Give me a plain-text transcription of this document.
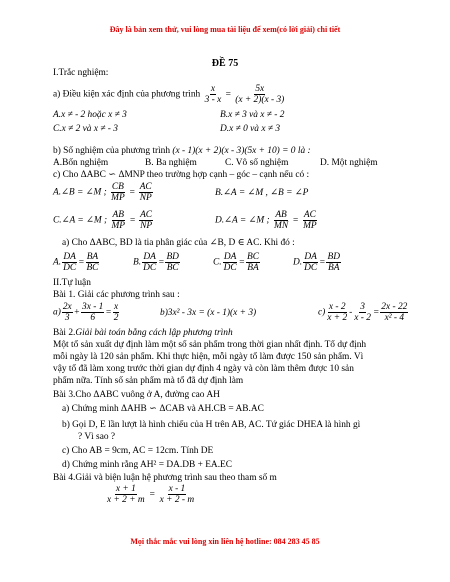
Đây là bản xem thử, vui lòng mua tài liệu để xem(có lời giải) chi tiết
ĐỀ 75
I.Trắc nghiệm:
a) Điều kiện xác định của phương trình $\frac{x}{3 - x} = \frac{5x}{(x + 2)(x - 3)}$
A.x ≠ - 2 hoặc x ≠ 3	B.x ≠ 3 và x ≠ - 2
C.x ≠ 2 và x ≠ - 3	D.x ≠ 0 và x ≠ 3
b) Số nghiệm của phương trình (x - 1)(x + 2)(x - 3)(5x + 10) = 0 là :
A.Bốn nghiệm	B. Ba nghiệm	C. Vô số nghiệm	D. Một nghiệm
c) Cho ΔABC ∽ ΔMNP theo trường hợp cạnh – góc – cạnh nếu có :
A.∠B = ∠M ; $\frac{CB}{MP} = \frac{AC}{NP}$	B.∠A = ∠M , ∠B = ∠P
C.∠A = ∠M ; $\frac{AB}{MP} = \frac{AC}{NP}$	D.∠A = ∠M ; $\frac{AB}{MN} = \frac{AC}{MP}$
a) Cho ΔABC, BD là tia phân giác của ∠B, D ∈ AC. Khi đó :
A. $\frac{DA}{DC} = \frac{BA}{BC}$	B. $\frac{DA}{DC} = \frac{BD}{BC}$	C. $\frac{DA}{DC} = \frac{BC}{BA}$	D. $\frac{DA}{DC} = \frac{BD}{BA}$
II.Tự luận
Bài 1. Giải các phương trình sau :
$a) \frac{2x}{3} + \frac{3x - 1}{6} = \frac{x}{2}$	b)3x² - 3x = (x - 1)(x + 3)	$c) \frac{x - 2}{x + 2} - \frac{3}{x - 2} = \frac{2x - 22}{\text{x² - 4}}$
Bài 2.Giải bài toán bằng cách lập phương trình
Một tổ sản xuất dự định làm một số sản phẩm trong thời gian nhất định. Tổ dự định
mỗi ngày là 120 sản phẩm. Khi thực hiện, mỗi ngày tổ làm được 150 sản phẩm. Vì
vậy tổ đã làm xong trước thời gian dự định 4 ngày và còn làm thêm được 10 sản
phẩm nữa. Tính số sản phẩm mà tổ đã dự định làm
Bài 3.Cho ΔABC vuông ở A, đường cao AH
a) Chứng minh ΔAHB ∽ ΔCAB và AH.CB = AB.AC
b) Gọi D, E lần lượt là hình chiếu của H trên AB, AC. Tứ giác DHEA là hình gì
? Vì sao ?
c) Cho AB = 9cm, AC = 12cm. Tính DE
d) Chứng minh rằng AH² = DA.DB + EA.EC
Bài 4.Giải và biện luận hệ phương trình sau theo tham số m
$\frac{x + 1}{x + 2 + m} = \frac{x - 1}{x + 2 - m}$
Mọi thắc mắc vui lòng xin liên hệ hotline: 084 283 45 85
